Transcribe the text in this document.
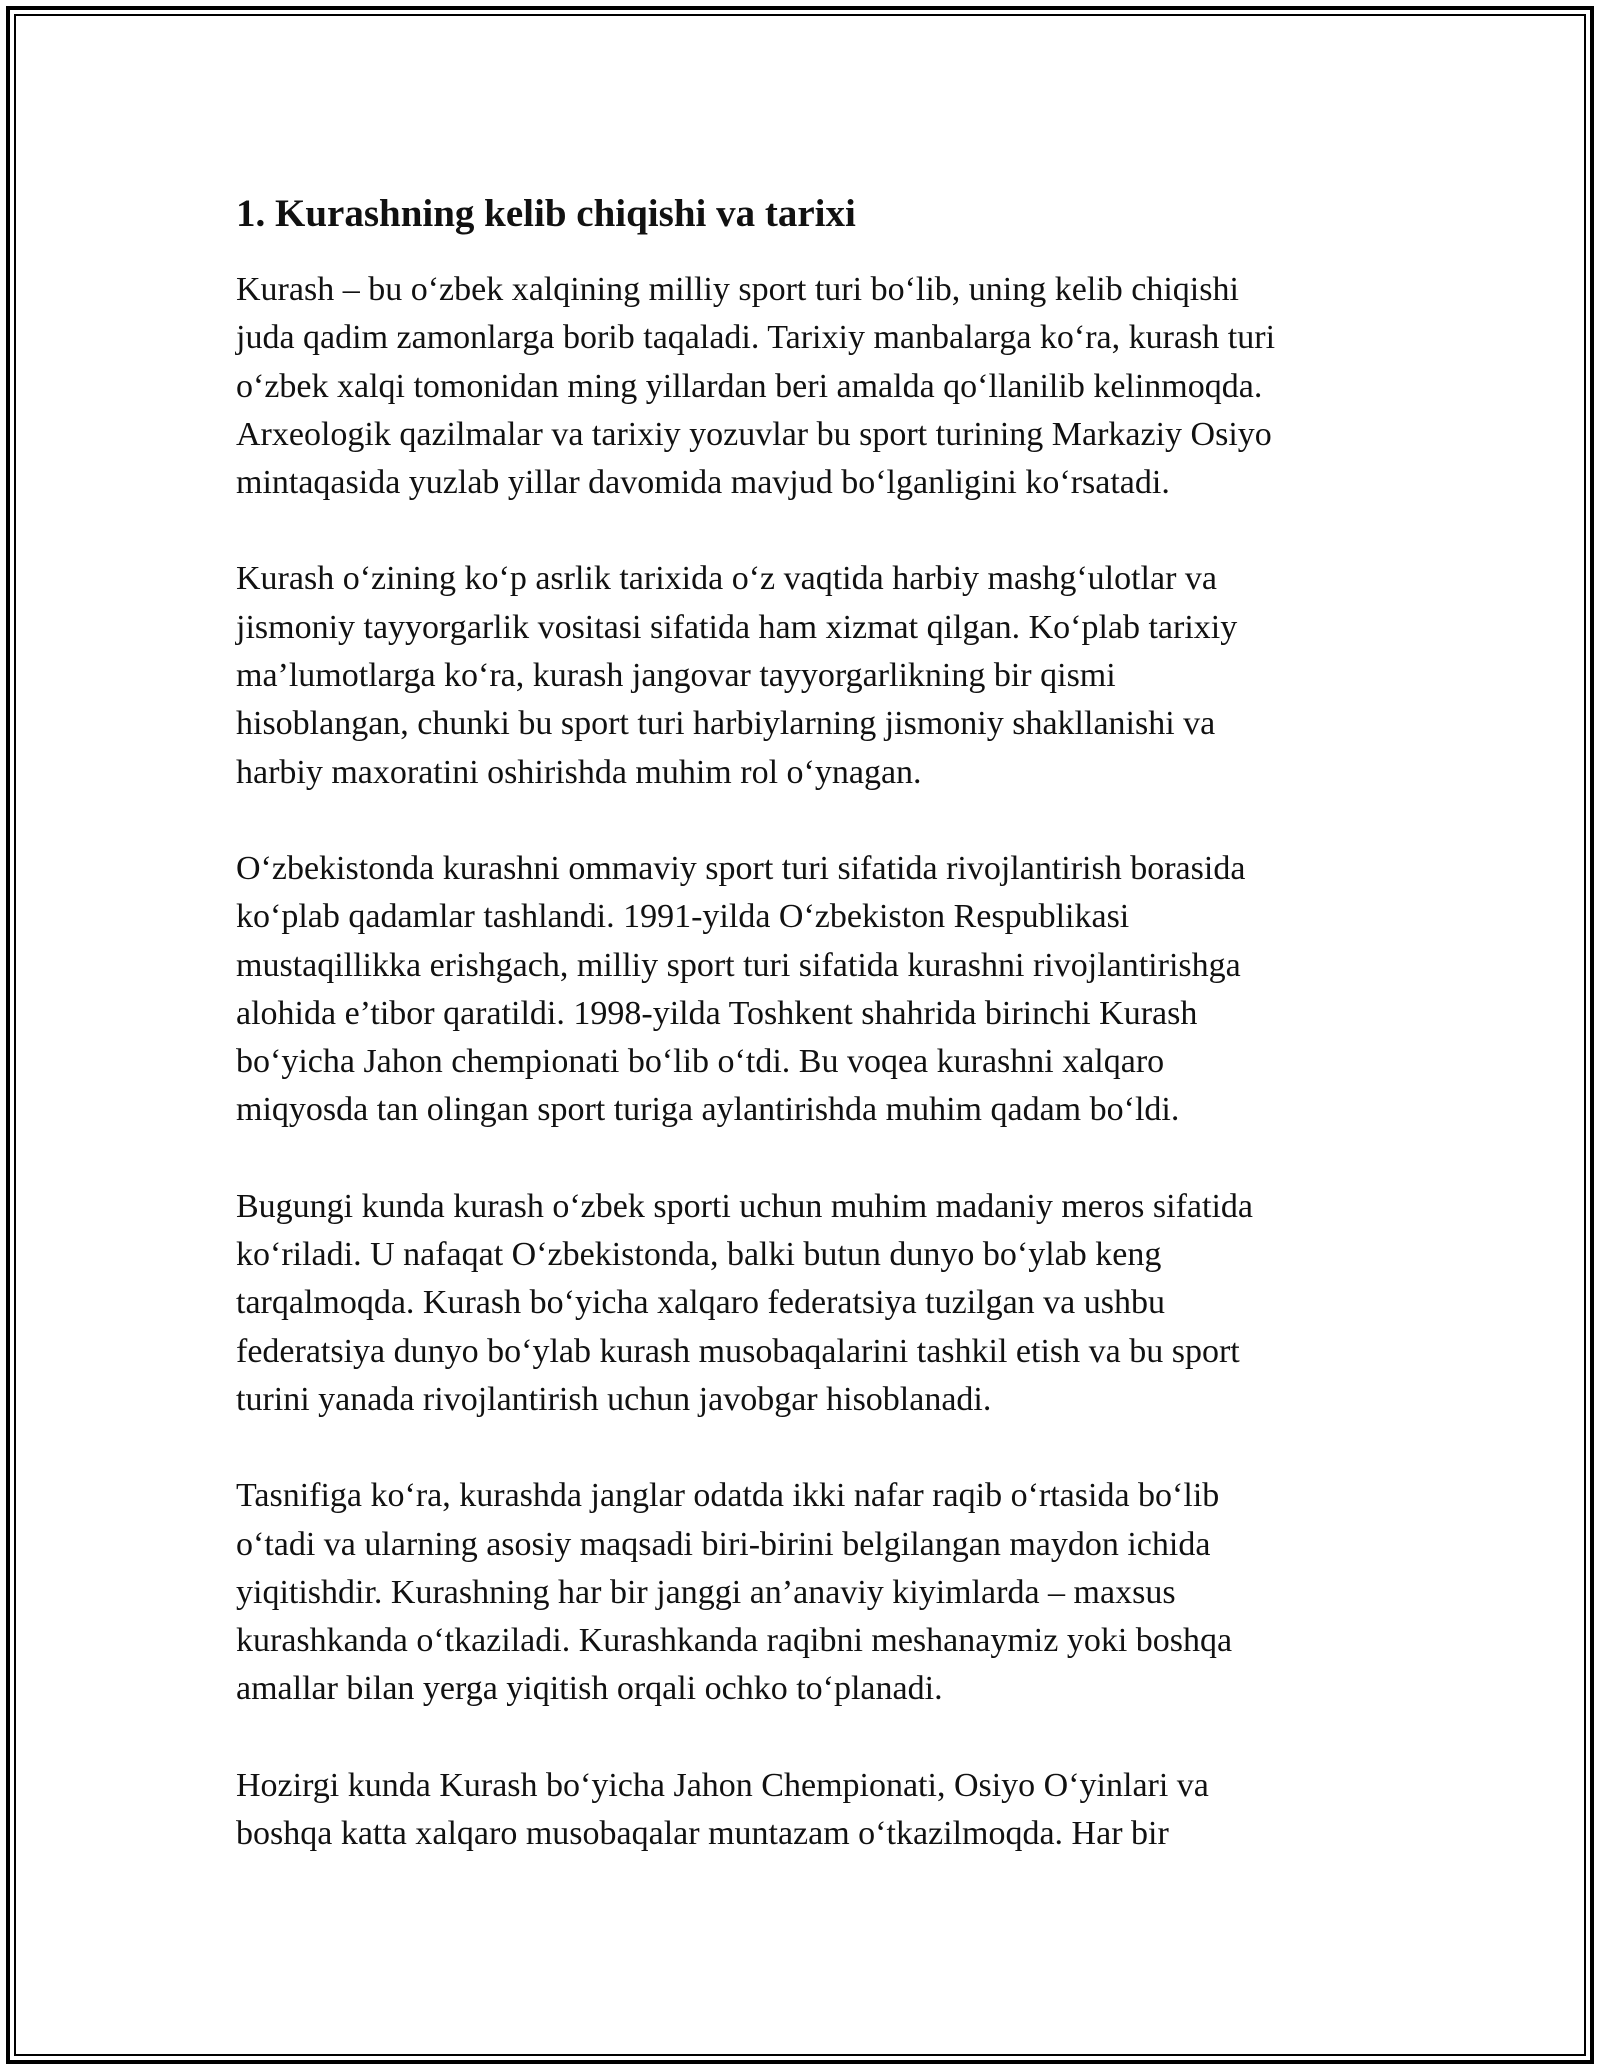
1. Kurashning kelib chiqishi va tarixi

Kurash – bu oʻzbek xalqining milliy sport turi boʻlib, uning kelib chiqishi
juda qadim zamonlarga borib taqaladi. Tarixiy manbalarga koʻra, kurash turi
oʻzbek xalqi tomonidan ming yillardan beri amalda qoʻllanilib kelinmoqda.
Arxeologik qazilmalar va tarixiy yozuvlar bu sport turining Markaziy Osiyo
mintaqasida yuzlab yillar davomida mavjud boʻlganligini koʻrsatadi.

Kurash oʻzining koʻp asrlik tarixida oʻz vaqtida harbiy mashgʻulotlar va
jismoniy tayyorgarlik vositasi sifatida ham xizmat qilgan. Koʻplab tarixiy
ma’lumotlarga koʻra, kurash jangovar tayyorgarlikning bir qismi
hisoblangan, chunki bu sport turi harbiylarning jismoniy shakllanishi va
harbiy maxoratini oshirishda muhim rol oʻynagan.

Oʻzbekistonda kurashni ommaviy sport turi sifatida rivojlantirish borasida
koʻplab qadamlar tashlandi. 1991-yilda Oʻzbekiston Respublikasi
mustaqillikka erishgach, milliy sport turi sifatida kurashni rivojlantirishga
alohida e’tibor qaratildi. 1998-yilda Toshkent shahrida birinchi Kurash
boʻyicha Jahon chempionati boʻlib oʻtdi. Bu voqea kurashni xalqaro
miqyosda tan olingan sport turiga aylantirishda muhim qadam boʻldi.

Bugungi kunda kurash oʻzbek sporti uchun muhim madaniy meros sifatida
koʻriladi. U nafaqat Oʻzbekistonda, balki butun dunyo boʻylab keng
tarqalmoqda. Kurash boʻyicha xalqaro federatsiya tuzilgan va ushbu
federatsiya dunyo boʻylab kurash musobaqalarini tashkil etish va bu sport
turini yanada rivojlantirish uchun javobgar hisoblanadi.

Tasnifiga koʻra, kurashda janglar odatda ikki nafar raqib oʻrtasida boʻlib
oʻtadi va ularning asosiy maqsadi biri-birini belgilangan maydon ichida
yiqitishdir. Kurashning har bir janggi an’anaviy kiyimlarda – maxsus
kurashkanda oʻtkaziladi. Kurashkanda raqibni meshanaymiz yoki boshqa
amallar bilan yerga yiqitish orqali ochko toʻplanadi.

Hozirgi kunda Kurash boʻyicha Jahon Chempionati, Osiyo Oʻyinlari va
boshqa katta xalqaro musobaqalar muntazam oʻtkazilmoqda. Har bir
